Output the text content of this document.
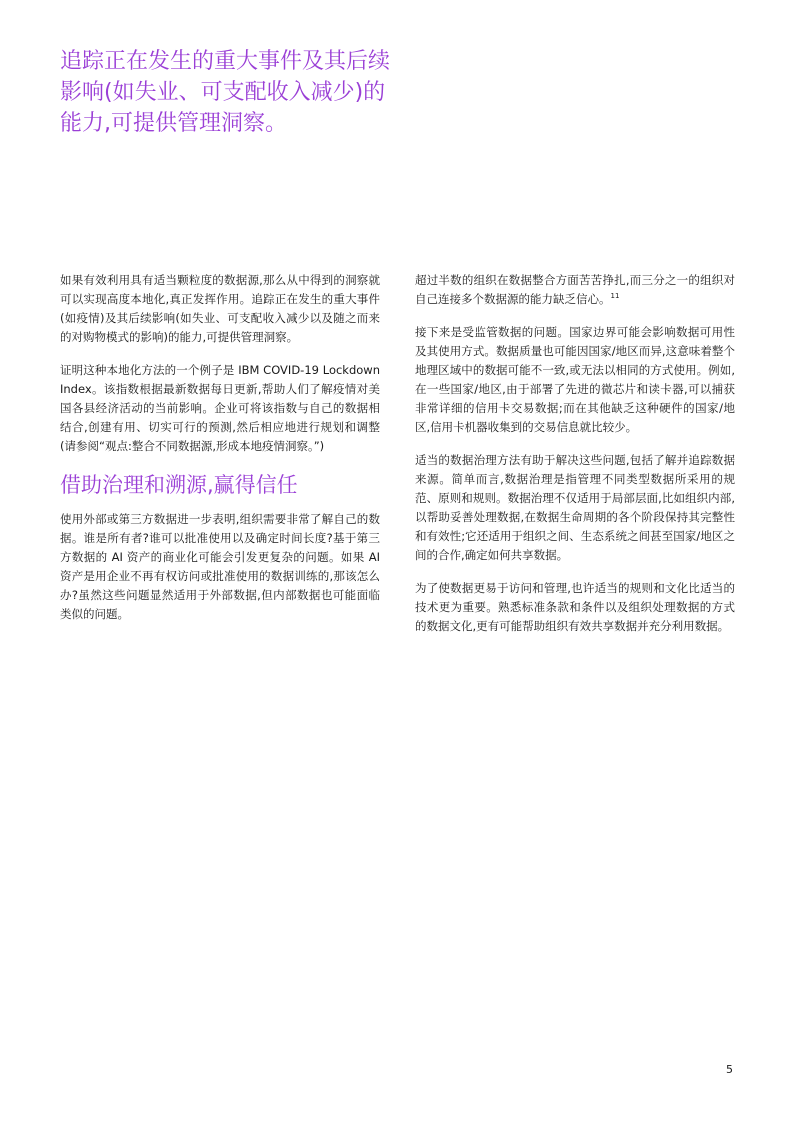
追踪正在发生的重大事件及其后续影响(如失业、可支配收入减少)的能力,可提供管理洞察。

如果有效利用具有适当颗粒度的数据源,那么从中得到的洞察就可以实现高度本地化,真正发挥作用。追踪正在发生的重大事件(如疫情)及其后续影响(如失业、可支配收入减少以及随之而来的对购物模式的影响)的能力,可提供管理洞察。

证明这种本地化方法的一个例子是 IBM COVID-19 Lockdown Index。该指数根据最新数据每日更新,帮助人们了解疫情对美国各县经济活动的当前影响。企业可将该指数与自己的数据相结合,创建有用、切实可行的预测,然后相应地进行规划和调整(请参阅“观点:整合不同数据源,形成本地疫情洞察。”)

借助治理和溯源,赢得信任

使用外部或第三方数据进一步表明,组织需要非常了解自己的数据。谁是所有者?谁可以批准使用以及确定时间长度?基于第三方数据的 AI 资产的商业化可能会引发更复杂的问题。如果 AI 资产是用企业不再有权访问或批准使用的数据训练的,那该怎么办?虽然这些问题显然适用于外部数据,但内部数据也可能面临类似的问题。

超过半数的组织在数据整合方面苦苦挣扎,而三分之一的组织对自己连接多个数据源的能力缺乏信心。$^{11}$

接下来是受监管数据的问题。国家边界可能会影响数据可用性及其使用方式。数据质量也可能因国家/地区而异,这意味着整个地理区域中的数据可能不一致,或无法以相同的方式使用。例如,在一些国家/地区,由于部署了先进的微芯片和读卡器,可以捕获非常详细的信用卡交易数据;而在其他缺乏这种硬件的国家/地区,信用卡机器收集到的交易信息就比较少。

适当的数据治理方法有助于解决这些问题,包括了解并追踪数据来源。简单而言,数据治理是指管理不同类型数据所采用的规范、原则和规则。数据治理不仅适用于局部层面,比如组织内部,以帮助妥善处理数据,在数据生命周期的各个阶段保持其完整性和有效性;它还适用于组织之间、生态系统之间甚至国家/地区之间的合作,确定如何共享数据。

为了使数据更易于访问和管理,也许适当的规则和文化比适当的技术更为重要。熟悉标准条款和条件以及组织处理数据的方式的数据文化,更有可能帮助组织有效共享数据并充分利用数据。

5
